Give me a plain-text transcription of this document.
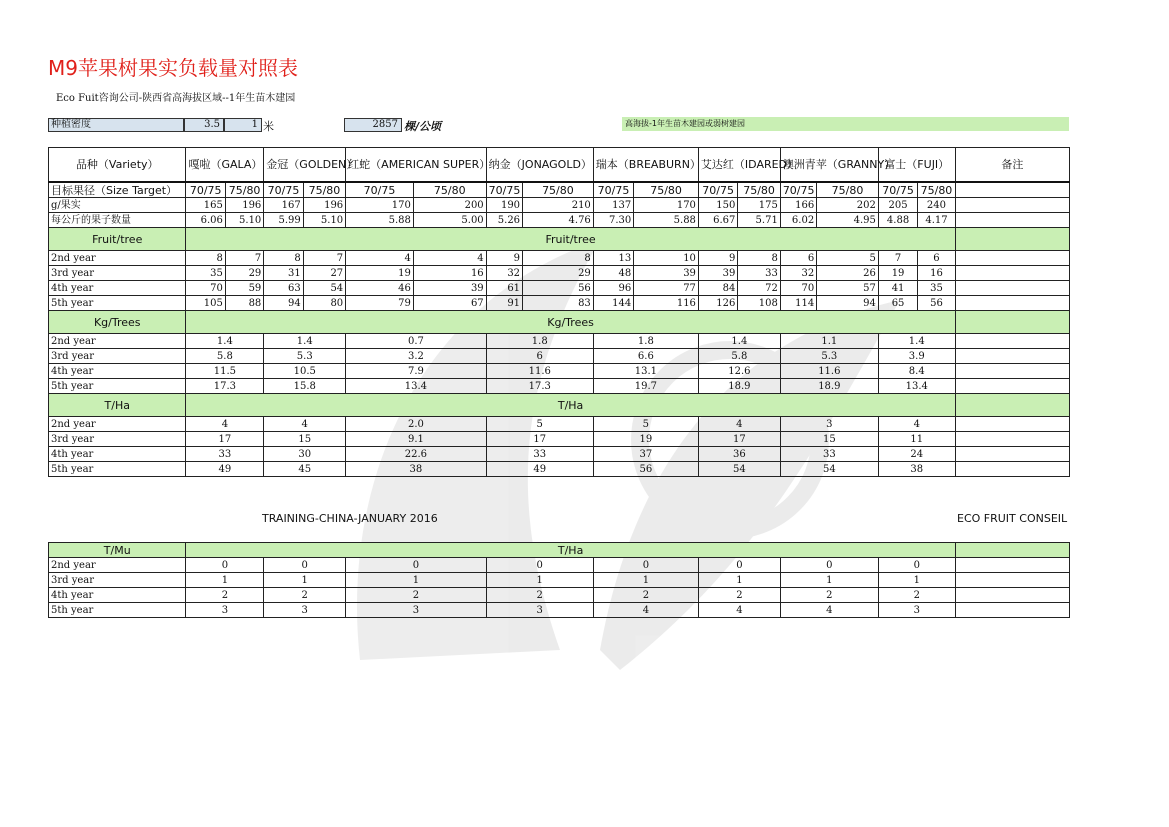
M9苹果树果实负载量对照表
Eco Fuit咨询公司-陕西省高海拔区域--1年生苗木建园
种植密度	3.5	1 米	2857 棵/公顷	高海拔-1年生苗木建园或弱树建园
品种（Variety）	嘎啦（GALA）		金冠（GOLDEN）		红蛇（AMERICAN SUPER）		纳金（JONAGOLD）		瑞本（BREABURN）		艾达红（IDARED）		澳洲青苹（GRANNY）		富士（FUJI）		备注
目标果径（Size Target）	70/75	75/80	70/75	75/80	70/75	75/80	70/75	75/80	70/75	75/80	70/75	75/80	70/75	75/80	70/75	75/80	
g/果实	165	196	167	196	170	200	190	210	137	170	150	175	166	202	205	240	
每公斤的果子数量	6.06	5.10	5.99	5.10	5.88	5.00	5.26	4.76	7.30	5.88	6.67	5.71	6.02	4.95	4.88	4.17	
Fruit/tree	Fruit/tree																
2nd year	8	7	8	7	4	4	9	8	13	10	9	8	6	5	7	6	
3rd year	35	29	31	27	19	16	32	29	48	39	39	33	32	26	19	16	
4th year	70	59	63	54	46	39	61	56	96	77	84	72	70	57	41	35	
5th year	105	88	94	80	79	67	91	83	144	116	126	108	114	94	65	56	
Kg/Trees	Kg/Trees																
2nd year	1.4		1.4		0.7		1.8		1.8		1.4		1.1		1.4		
3rd year	5.8		5.3		3.2		6		6.6		5.8		5.3		3.9		
4th year	11.5		10.5		7.9		11.6		13.1		12.6		11.6		8.4		
5th year	17.3		15.8		13.4		17.3		19.7		18.9		18.9		13.4		
T/Ha	T/Ha																
2nd year	4		4		2.0		5		5		4		3		4		
3rd year	17		15		9.1		17		19		17		15		11		
4th year	33		30		22.6		33		37		36		33		24		
5th year	49		45		38		49		56		54		54		38		
TRAINING-CHINA-JANUARY 2016	ECO FRUIT CONSEIL
T/Mu	T/Ha								
2nd year	0	0	0	0	0	0	0	0	
3rd year	1	1	1	1	1	1	1	1	
4th year	2	2	2	2	2	2	2	2	
5th year	3	3	3	3	4	4	4	3	
